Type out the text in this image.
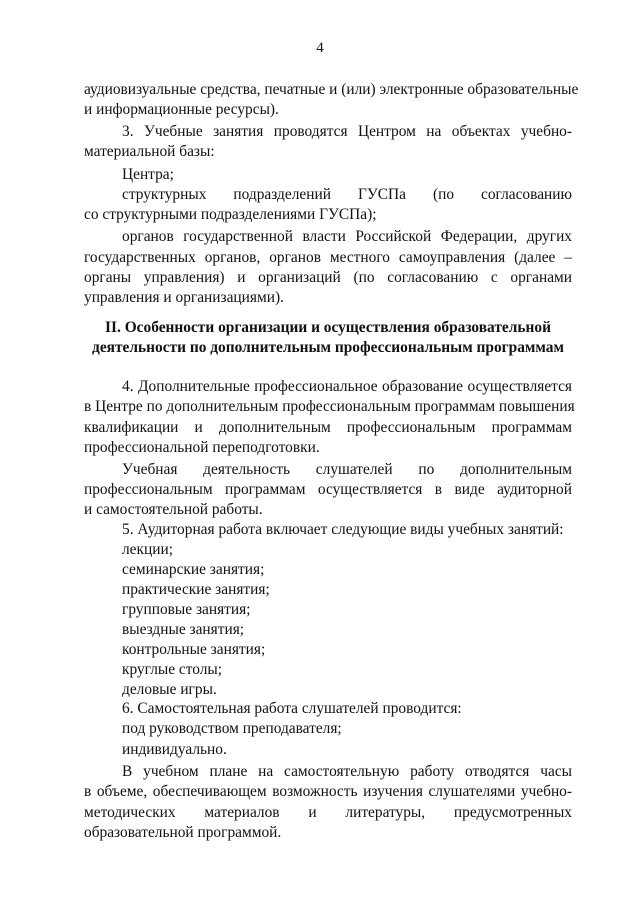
4
аудиовизуальные средства, печатные и (или) электронные образовательные
и информационные ресурсы).
3. Учебные занятия проводятся Центром на объектах учебно-
материальной базы:
Центра;
структурных подразделений ГУСПа (по согласованию
со структурными подразделениями ГУСПа);
органов государственной власти Российской Федерации, других
государственных органов, органов местного самоуправления (далее –
органы управления) и организаций (по согласованию с органами
управления и организациями).
II. Особенности организации и осуществления образовательной
деятельности по дополнительным профессиональным программам
4. Дополнительные профессиональное образование осуществляется
в Центре по дополнительным профессиональным программам повышения
квалификации и дополнительным профессиональным программам
профессиональной переподготовки.
Учебная деятельность слушателей по дополнительным
профессиональным программам осуществляется в виде аудиторной
и самостоятельной работы.
5. Аудиторная работа включает следующие виды учебных занятий:
лекции;
семинарские занятия;
практические занятия;
групповые занятия;
выездные занятия;
контрольные занятия;
круглые столы;
деловые игры.
6. Самостоятельная работа слушателей проводится:
под руководством преподавателя;
индивидуально.
В учебном плане на самостоятельную работу отводятся часы
в объеме, обеспечивающем возможность изучения слушателями учебно-
методических материалов и литературы, предусмотренных
образовательной программой.
